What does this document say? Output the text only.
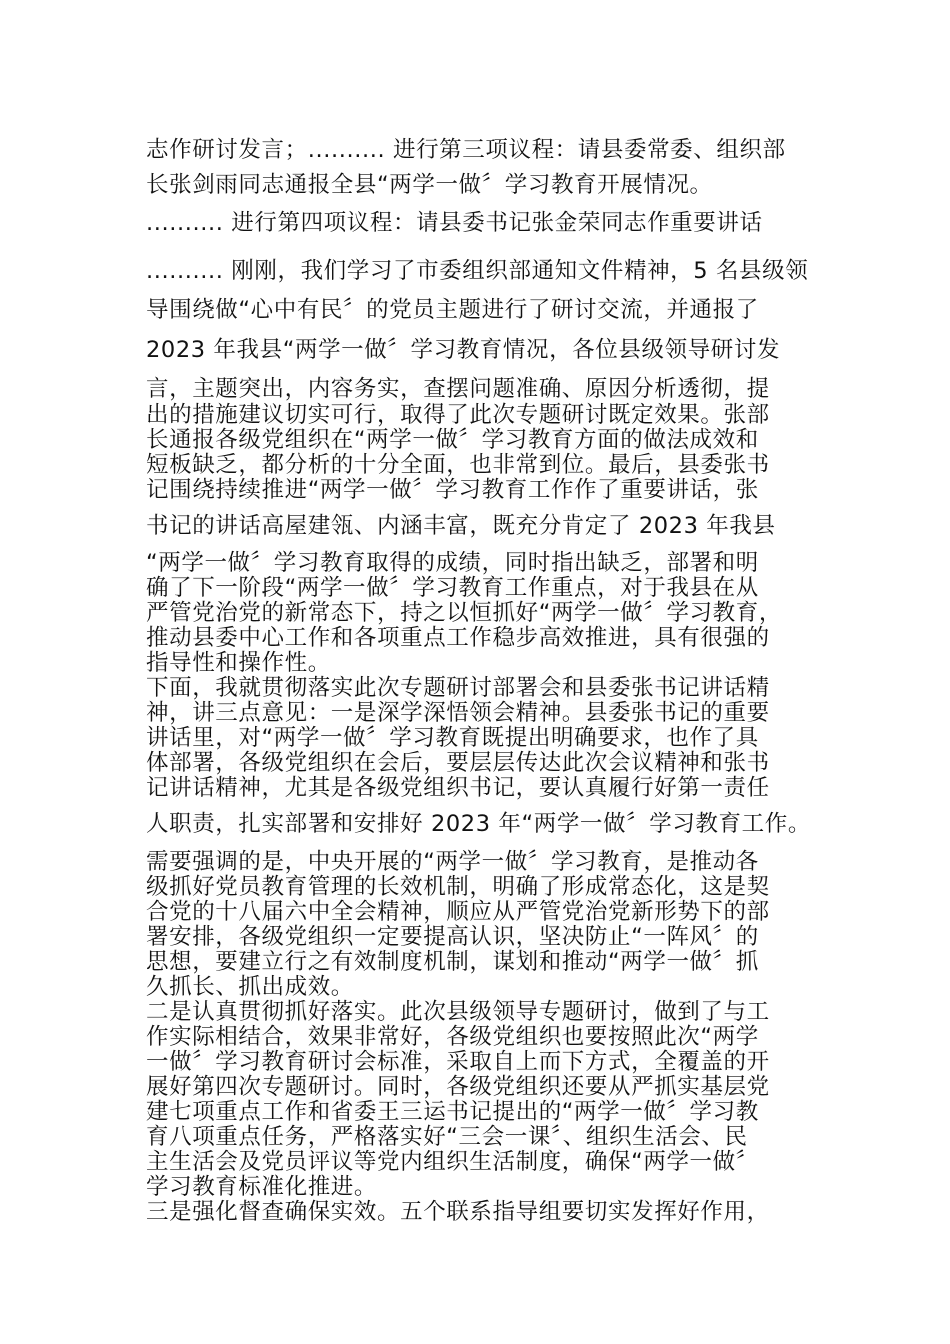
志作研讨发言；.......... 进行第三项议程：请县委常委、组织部
长张剑雨同志通报全县“两学一做〞学习教育开展情况。
.......... 进行第四项议程：请县委书记张金荣同志作重要讲话
.......... 刚刚，我们学习了市委组织部通知文件精神，5 名县级领
导围绕做“心中有民〞的党员主题进行了研讨交流，并通报了
2023 年我县“两学一做〞学习教育情况，各位县级领导研讨发
言，主题突出，内容务实，查摆问题准确、原因分析透彻，提
出的措施建议切实可行，取得了此次专题研讨既定效果。张部
长通报各级党组织在“两学一做〞学习教育方面的做法成效和
短板缺乏，都分析的十分全面，也非常到位。最后，县委张书
记围绕持续推进“两学一做〞学习教育工作作了重要讲话，张
书记的讲话高屋建瓴、内涵丰富，既充分肯定了 2023 年我县
“两学一做〞学习教育取得的成绩，同时指出缺乏，部署和明
确了下一阶段“两学一做〞学习教育工作重点，对于我县在从
严管党治党的新常态下，持之以恒抓好“两学一做〞学习教育，
推动县委中心工作和各项重点工作稳步高效推进，具有很强的
指导性和操作性。
下面，我就贯彻落实此次专题研讨部署会和县委张书记讲话精
神，讲三点意见：一是深学深悟领会精神。县委张书记的重要
讲话里，对“两学一做〞学习教育既提出明确要求，也作了具
体部署，各级党组织在会后，要层层传达此次会议精神和张书
记讲话精神，尤其是各级党组织书记，要认真履行好第一责任
人职责，扎实部署和安排好 2023 年“两学一做〞学习教育工作。
需要强调的是，中央开展的“两学一做〞学习教育，是推动各
级抓好党员教育管理的长效机制，明确了形成常态化，这是契
合党的十八届六中全会精神，顺应从严管党治党新形势下的部
署安排，各级党组织一定要提高认识，坚决防止“一阵风〞的
思想，要建立行之有效制度机制，谋划和推动“两学一做〞抓
久抓长、抓出成效。
二是认真贯彻抓好落实。此次县级领导专题研讨，做到了与工
作实际相结合，效果非常好，各级党组织也要按照此次“两学
一做〞学习教育研讨会标准，采取自上而下方式，全覆盖的开
展好第四次专题研讨。同时，各级党组织还要从严抓实基层党
建七项重点工作和省委王三运书记提出的“两学一做〞学习教
育八项重点任务，严格落实好“三会一课〞、组织生活会、民
主生活会及党员评议等党内组织生活制度，确保“两学一做〞
学习教育标准化推进。
三是强化督查确保实效。五个联系指导组要切实发挥好作用，
